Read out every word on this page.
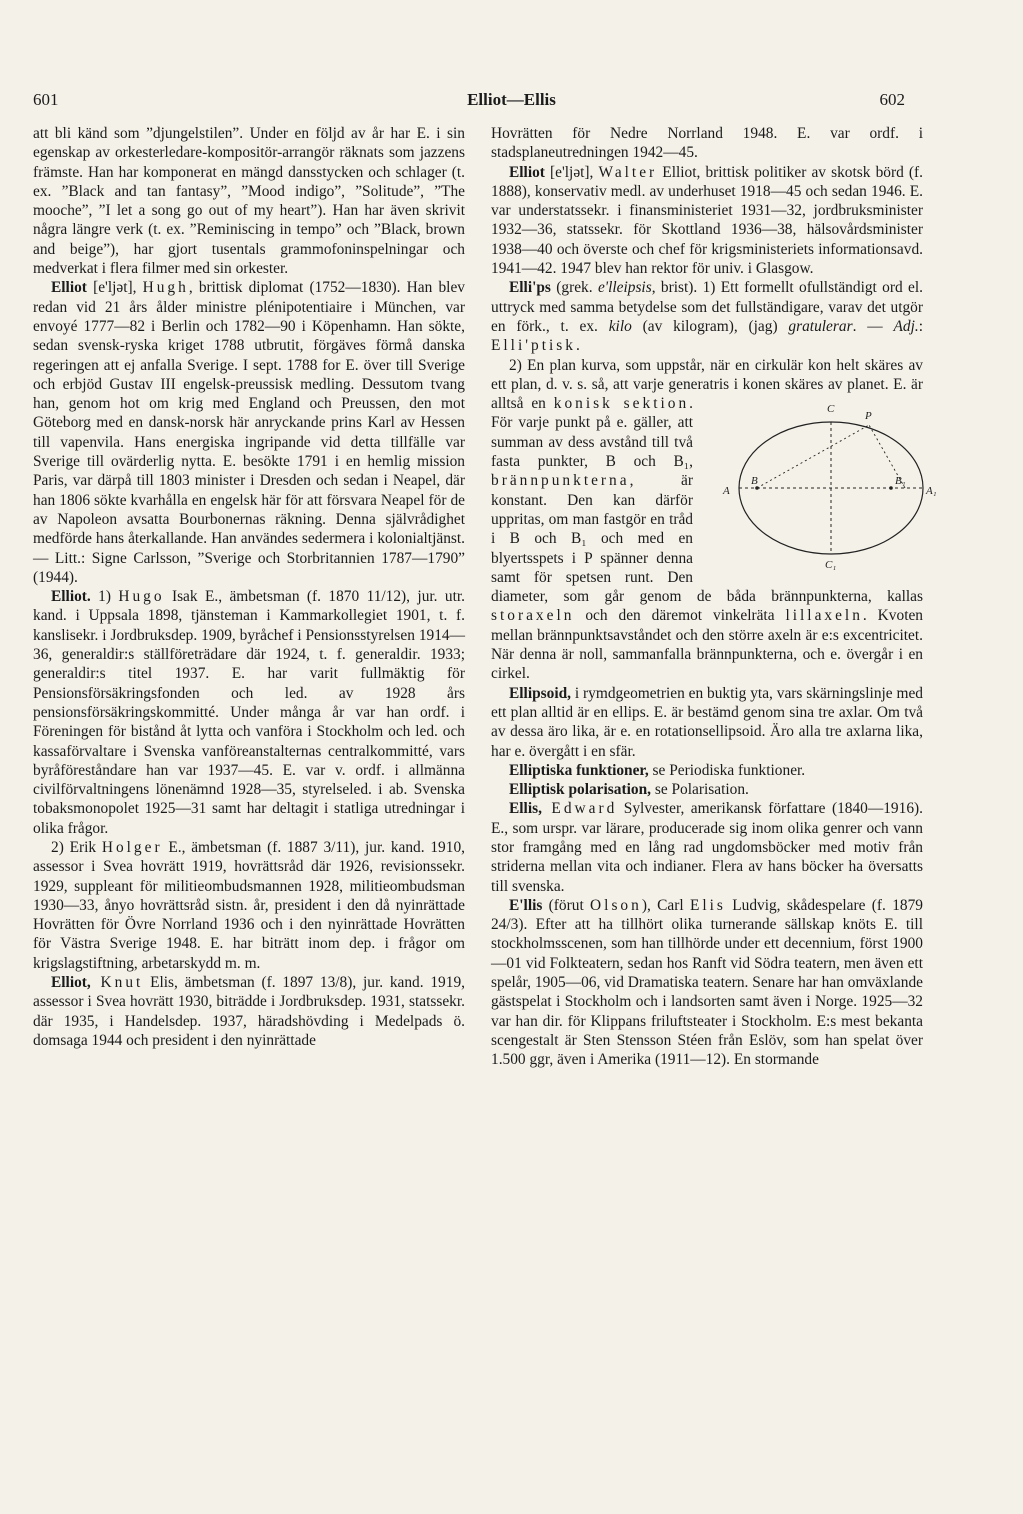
601	Elliot—Ellis	602

att bli känd som ”djungelstilen”. Under en följd av år har E. i sin egenskap av orkesterledare-kompositör-arrangör räknats som jazzens främste. Han har komponerat en mängd dansstycken och schlager (t. ex. ”Black and tan fantasy”, ”Mood indigo”, ”Solitude”, ”The mooche”, ”I let a song go out of my heart”). Han har även skrivit några längre verk (t. ex. ”Reminiscing in tempo” och ”Black, brown and beige”), har gjort tusentals grammofoninspelningar och medverkat i flera filmer med sin orkester.

Elliot [e'ljət], Hugh, brittisk diplomat (1752—1830). Han blev redan vid 21 års ålder ministre plénipotentiaire i München, var envoyé 1777—82 i Berlin och 1782—90 i Köpenhamn. Han sökte, sedan svensk-ryska kriget 1788 utbrutit, förgäves förmå danska regeringen att ej anfalla Sverige. I sept. 1788 for E. över till Sverige och erbjöd Gustav III engelsk-preussisk medling. Dessutom tvang han, genom hot om krig med England och Preussen, den mot Göteborg med en dansk-norsk här anryckande prins Karl av Hessen till vapenvila. Hans energiska ingripande vid detta tillfälle var Sverige till ovärderlig nytta. E. besökte 1791 i en hemlig mission Paris, var därpå till 1803 minister i Dresden och sedan i Neapel, där han 1806 sökte kvarhålla en engelsk här för att försvara Neapel för de av Napoleon avsatta Bourbonernas räkning. Denna självrådighet medförde hans återkallande. Han användes sedermera i kolonialtjänst. — Litt.: Signe Carlsson, ”Sverige och Storbritannien 1787—1790” (1944).

Elliot. 1) Hugo Isak E., ämbetsman (f. 1870 11/12), jur. utr. kand. i Uppsala 1898, tjänsteman i Kammarkollegiet 1901, t. f. kanslisekr. i Jordbruksdep. 1909, byråchef i Pensionsstyrelsen 1914—36, generaldir:s ställföreträdare där 1924, t. f. generaldir. 1933; generaldir:s titel 1937. E. har varit fullmäktig för Pensionsförsäkringsfonden och led. av 1928 års pensionsförsäkringskommitté. Under många år var han ordf. i Föreningen för bistånd åt lytta och vanföra i Stockholm och led. och kassaförvaltare i Svenska vanföreanstalternas centralkommitté, vars byråföreståndare han var 1937—45. E. var v. ordf. i allmänna civilförvaltningens lönenämnd 1928—35, styrelseled. i ab. Svenska tobaksmonopolet 1925—31 samt har deltagit i statliga utredningar i olika frågor.

2) Erik Holger E., ämbetsman (f. 1887 3/11), jur. kand. 1910, assessor i Svea hovrätt 1919, hovrättsråd där 1926, revisionssekr. 1929, suppleant för militieombudsmannen 1928, militieombudsman 1930—33, ånyo hovrättsråd sistn. år, president i den då nyinrättade Hovrätten för Övre Norrland 1936 och i den nyinrättade Hovrätten för Västra Sverige 1948. E. har biträtt inom dep. i frågor om krigslagstiftning, arbetarskydd m. m.

Elliot, Knut Elis, ämbetsman (f. 1897 13/8), jur. kand. 1919, assessor i Svea hovrätt 1930, biträdde i Jordbruksdep. 1931, statssekr. där 1935, i Handelsdep. 1937, häradshövding i Medelpads ö. domsaga 1944 och president i den nyinrättade

Hovrätten för Nedre Norrland 1948. E. var ordf. i stadsplaneutredningen 1942—45.

Elliot [e'ljət], Walter Elliot, brittisk politiker av skotsk börd (f. 1888), konservativ medl. av underhuset 1918—45 och sedan 1946. E. var understatssekr. i finansministeriet 1931—32, jordbruksminister 1932—36, statssekr. för Skottland 1936—38, hälsovårdsminister 1938—40 och överste och chef för krigsministeriets informationsavd. 1941—42. 1947 blev han rektor för univ. i Glasgow.

Elli'ps (grek. e'lleipsis, brist). 1) Ett formellt ofullständigt ord el. uttryck med samma betydelse som det fullständigare, varav det utgör en förk., t. ex. kilo (av kilogram), (jag) gratulerar. — Adj.: Elli'ptisk.

2) En plan kurva, som uppstår, när en cirkulär kon helt skäres av ett plan, d. v. s. så, att varje generatris i konen skäres av planet. E. är alltså en	C
P
A
B	B₁
A₁
C₁
konisk sektion. För varje punkt på e. gäller, att summan av dess avstånd till två fasta punkter, B och B₁, brännpunkterna, är konstant. Den kan därför uppritas, om man fastgör en tråd i B och B₁ och med en blyertsspets i P spänner denna samt för spetsen runt. Den diameter, som går genom de båda brännpunkterna, kallas storaxeln och den däremot vinkelräta lillaxeln. Kvoten mellan brännpunktsavståndet och den större axeln är e:s excentricitet. När denna är noll, sammanfalla brännpunkterna, och e. övergår i en cirkel.

Ellipsoid, i rymdgeometrien en buktig yta, vars skärningslinje med ett plan alltid är en ellips. E. är bestämd genom sina tre axlar. Om två av dessa äro lika, är e. en rotationsellipsoid. Äro alla tre axlarna lika, har e. övergått i en sfär.

Elliptiska funktioner, se Periodiska funktioner.

Elliptisk polarisation, se Polarisation.

Ellis, Edward Sylvester, amerikansk författare (1840—1916). E., som urspr. var lärare, producerade sig inom olika genrer och vann stor framgång med en lång rad ungdomsböcker med motiv från striderna mellan vita och indianer. Flera av hans böcker ha översatts till svenska.

E'llis (förut Olson), Carl Elis Ludvig, skådespelare (f. 1879 24/3). Efter att ha tillhört olika turnerande sällskap knöts E. till stockholmsscenen, som han tillhörde under ett decennium, först 1900—01 vid Folkteatern, sedan hos Ranft vid Södra teatern, men även ett spelår, 1905—06, vid Dramatiska teatern. Senare har han omväxlande gästspelat i Stockholm och i landsorten samt även i Norge. 1925—32 var han dir. för Klippans friluftsteater i Stockholm. E:s mest bekanta scengestalt är Sten Stensson Stéen från Eslöv, som han spelat över 1.500 ggr, även i Amerika (1911—12). En stormande
